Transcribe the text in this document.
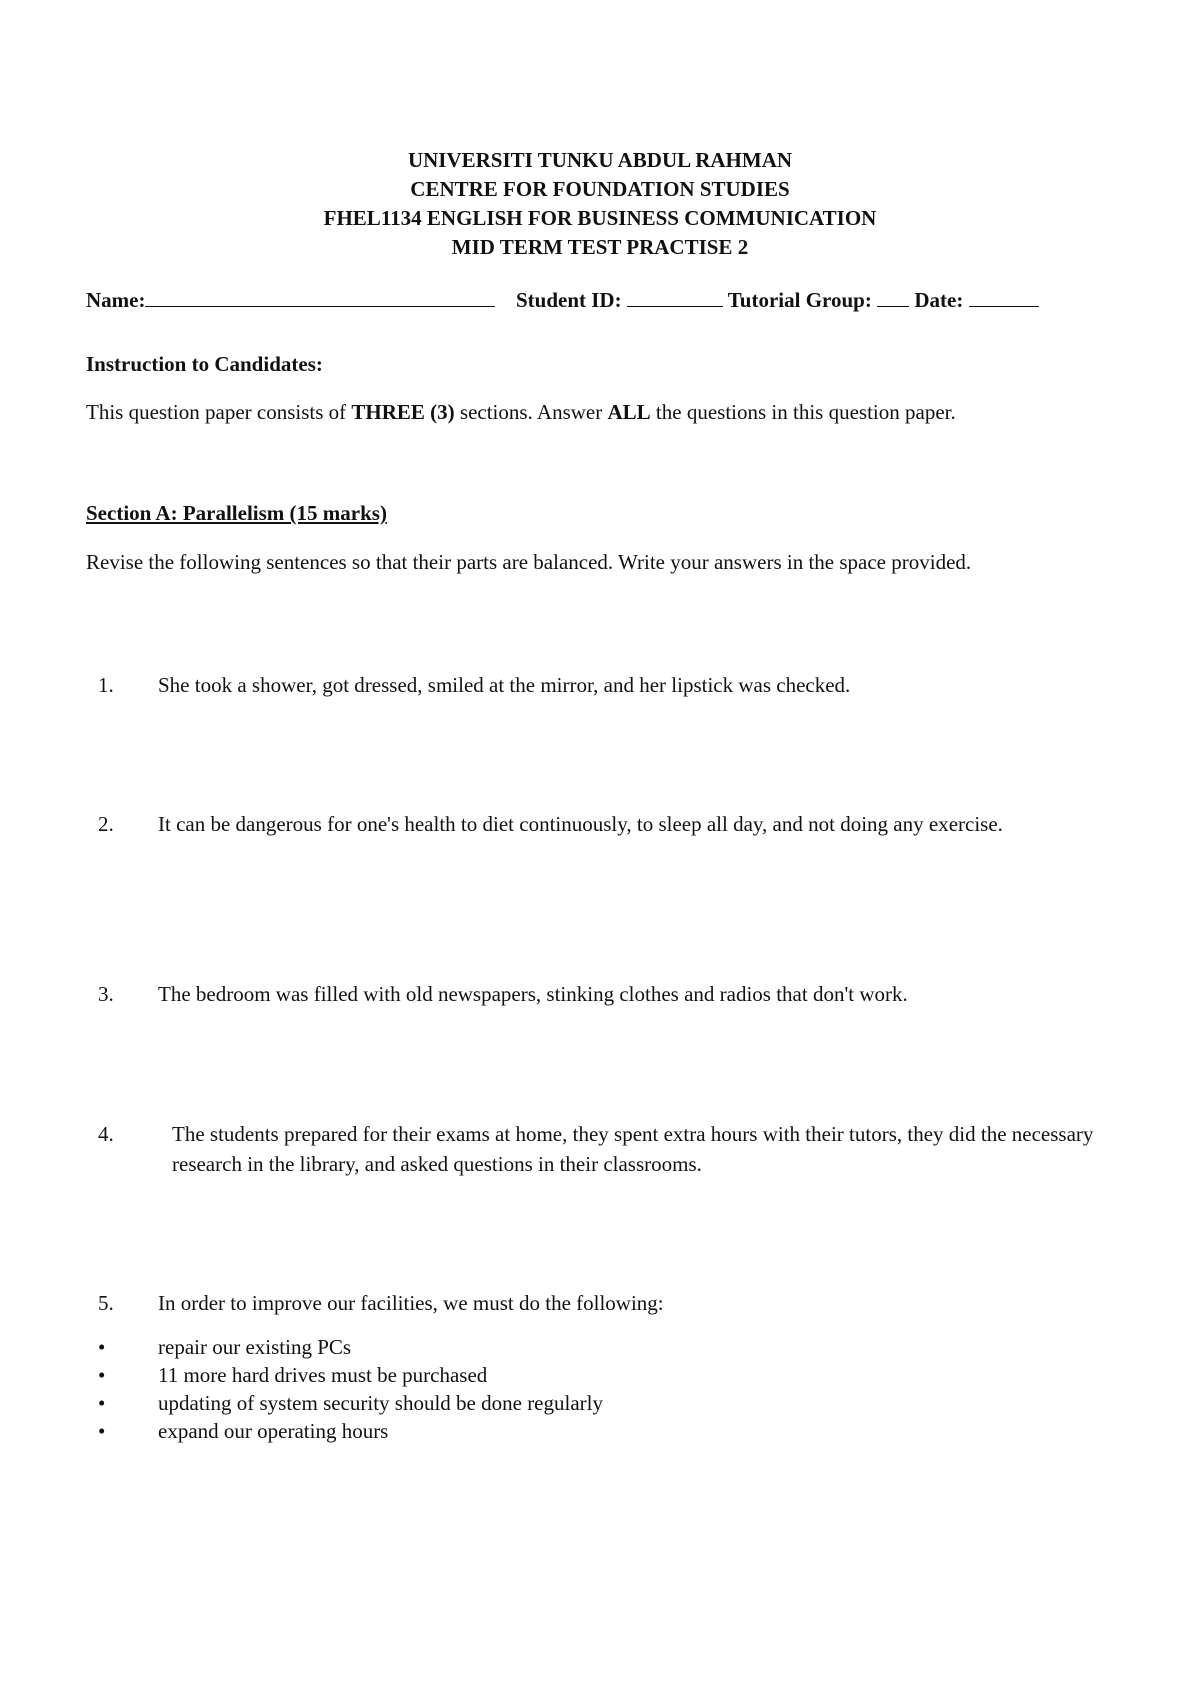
UNIVERSITI TUNKU ABDUL RAHMAN
CENTRE FOR FOUNDATION STUDIES
FHEL1134 ENGLISH FOR BUSINESS COMMUNICATION
MID TERM TEST PRACTISE 2
Name:	Student ID:	Tutorial Group: Date:
Instruction to Candidates:
This question paper consists of THREE (3) sections. Answer ALL the questions in this question paper.
Section A: Parallelism (15 marks)
Revise the following sentences so that their parts are balanced. Write your answers in the space provided.
1. She took a shower, got dressed, smiled at the mirror, and her lipstick was checked.
2. It can be dangerous for one's health to diet continuously, to sleep all day, and not doing any exercise.
3. The bedroom was filled with old newspapers, stinking clothes and radios that don't work.
4.	The students prepared for their exams at home, they spent extra hours with their tutors, they did the necessary research in the library, and asked questions in their classrooms.
5. In order to improve our facilities, we must do the following:
•	repair our existing PCs
•	11 more hard drives must be purchased
•	updating of system security should be done regularly
•	expand our operating hours
